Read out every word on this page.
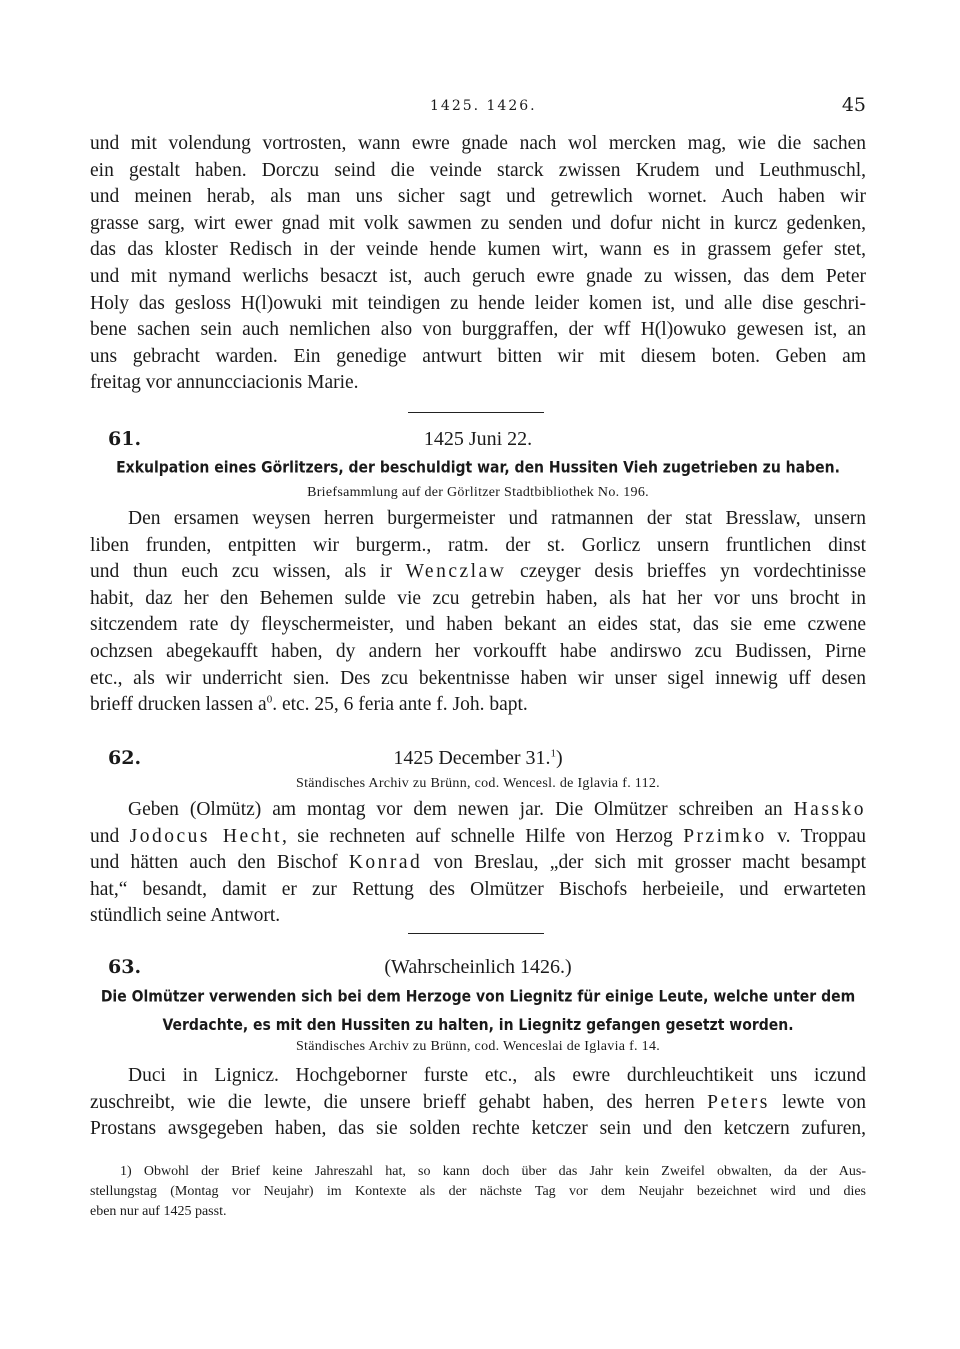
1425. 1426.	45
und mit volendung vortrosten, wann ewre gnade nach wol mercken mag, wie die sachen
ein gestalt haben. Dorczu seind die veinde starck zwissen Krudem und Leuthmuschl,
und meinen herab, als man uns sicher sagt und getrewlich wornet. Auch haben wir
grasse sarg, wirt ewer gnad mit volk sawmen zu senden und dofur nicht in kurcz gedenken,
das das kloster Redisch in der veinde hende kumen wirt, wann es in grassem gefer stet,
und mit nymand werlichs besaczt ist, auch geruch ewre gnade zu wissen, das dem Peter
Holy das gesloss H(l)owuki mit teindigen zu hende leider komen ist, und alle dise geschri-
bene sachen sein auch nemlichen also von burggraffen, der wff H(l)owuko gewesen ist, an
uns gebracht warden. Ein genedige antwurt bitten wir mit diesem boten. Geben am
freitag vor annuncciacionis Marie.
61.	1425 Juni 22.
Exkulpation eines Görlitzers, der beschuldigt war, den Hussiten Vieh zugetrieben zu haben.
Briefsammlung auf der Görlitzer Stadtbibliothek No. 196.
Den ersamen weysen herren burgermeister und ratmannen der stat Bresslaw, unsern
liben frunden, entpitten wir burgerm., ratm. der st. Gorlicz unsern fruntlichen dinst
und thun euch zcu wissen, als ir Wenczlaw czeyger desis brieffes yn vordechtinisse
habit, daz her den Behemen sulde vie zcu getrebin haben, als hat her vor uns brocht in
sitczendem rate dy fleyschermeister, und haben bekant an eides stat, das sie eme czwene
ochzsen abegekaufft haben, dy andern her vorkoufft habe andirswo zcu Budissen, Pirne
etc., als wir underricht sien. Des zcu bekentnisse haben wir unser sigel innewig uff desen
brieff drucken lassen $a^0$. etc. 25, 6 feria ante f. Joh. bapt.
62.	1425 December 31.$^1$)
Ständisches Archiv zu Brünn, cod. Wencesl. de Iglavia f. 112.
Geben (Olmütz) am montag vor dem newen jar. Die Olmützer schreiben an Hassko
und Jodocus Hecht, sie rechneten auf schnelle Hilfe von Herzog Przimko v. Troppau
und hätten auch den Bischof Konrad von Breslau, „der sich mit grosser macht besampt
hat,“ besandt, damit er zur Rettung des Olmützer Bischofs herbeieile, und erwarteten
stündlich seine Antwort.
63.	(Wahrscheinlich 1426.)
Die Olmützer verwenden sich bei dem Herzoge von Liegnitz für einige Leute, welche unter dem
Verdachte, es mit den Hussiten zu halten, in Liegnitz gefangen gesetzt worden.
Ständisches Archiv zu Brünn, cod. Wenceslai de Iglavia f. 14.
Duci in Lignicz. Hochgeborner furste etc., als ewre durchleuchtikeit uns iczund
zuschreibt, wie die lewte, die unsere brieff gehabt haben, des herren Peters lewte von
Prostans awsgegeben haben, das sie solden rechte ketczer sein und den ketczern zufuren,
1) Obwohl der Brief keine Jahreszahl hat, so kann doch über das Jahr kein Zweifel obwalten, da der Aus-
stellungstag (Montag vor Neujahr) im Kontexte als der nächste Tag vor dem Neujahr bezeichnet wird und dies
eben nur auf 1425 passt.
